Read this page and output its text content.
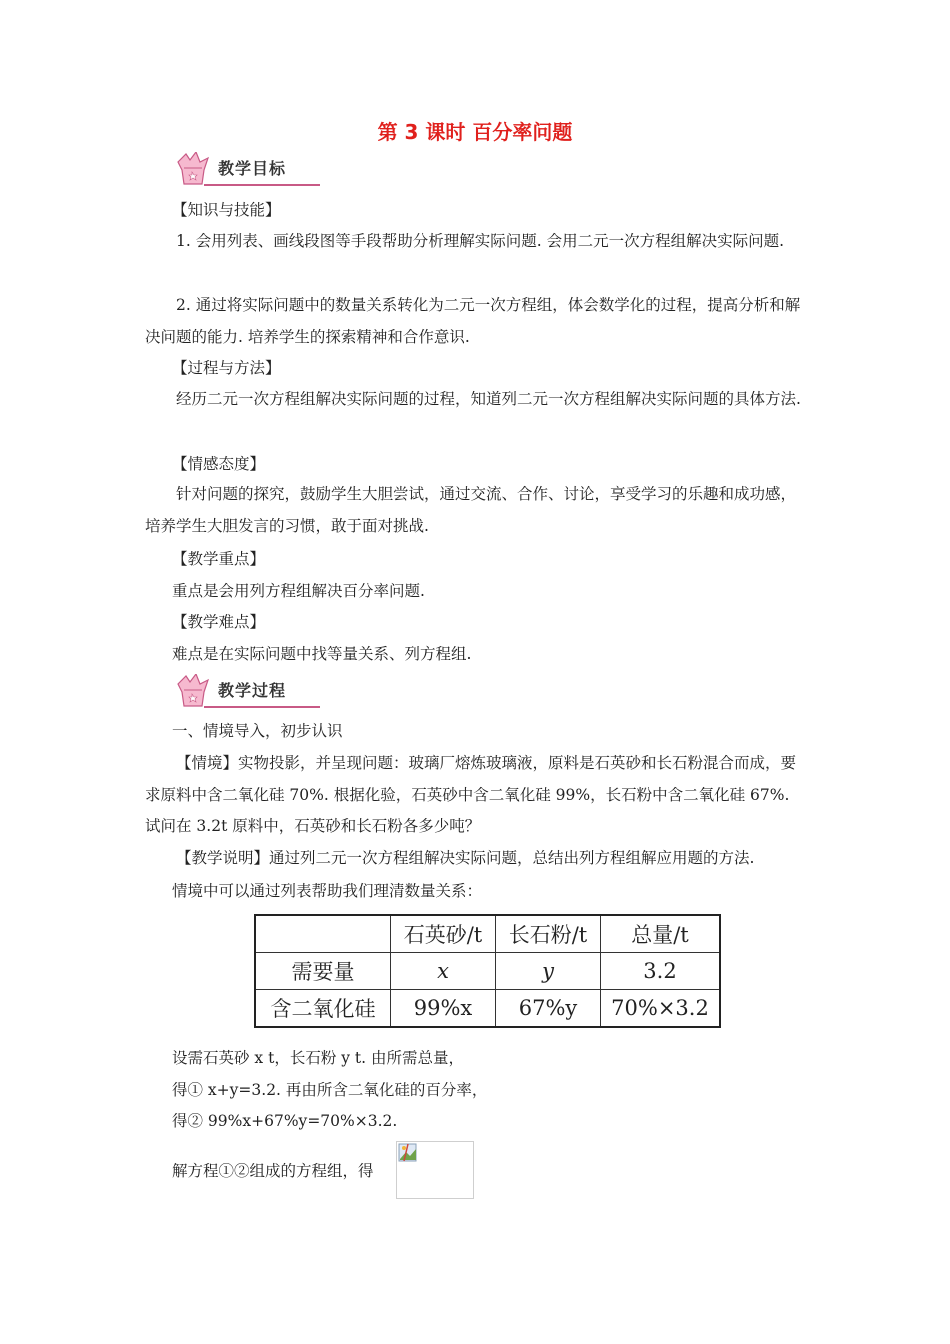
第 3 课时 百分率问题
教学目标
【知识与技能】
1. 会用列表、画线段图等手段帮助分析理解实际问题. 会用二元一次方程组解决实际问题.
2. 通过将实际问题中的数量关系转化为二元一次方程组，体会数学化的过程，提高分析和解决问题的能力. 培养学生的探索精神和合作意识.
【过程与方法】
经历二元一次方程组解决实际问题的过程，知道列二元一次方程组解决实际问题的具体方法.
【情感态度】
针对问题的探究，鼓励学生大胆尝试，通过交流、合作、讨论，享受学习的乐趣和成功感，培养学生大胆发言的习惯，敢于面对挑战.
【教学重点】
重点是会用列方程组解决百分率问题.
【教学难点】
难点是在实际问题中找等量关系、列方程组.
教学过程
一、情境导入，初步认识
【情境】实物投影，并呈现问题：玻璃厂熔炼玻璃液，原料是石英砂和长石粉混合而成，要求原料中含二氧化硅 70%. 根据化验，石英砂中含二氧化硅 99%，长石粉中含二氧化硅 67%. 试问在 3.2t 原料中，石英砂和长石粉各多少吨？
【教学说明】通过列二元一次方程组解决实际问题，总结出列方程组解应用题的方法.
情境中可以通过列表帮助我们理清数量关系：
	石英砂/t	长石粉/t	总量/t
需要量	x	y	3.2
含二氧化硅	99%x	67%y	70%×3.2
设需石英砂 x t，长石粉 y t. 由所需总量，
得① x+y=3.2. 再由所含二氧化硅的百分率，
得② 99%x+67%y=70%×3.2.
解方程①②组成的方程组，得
